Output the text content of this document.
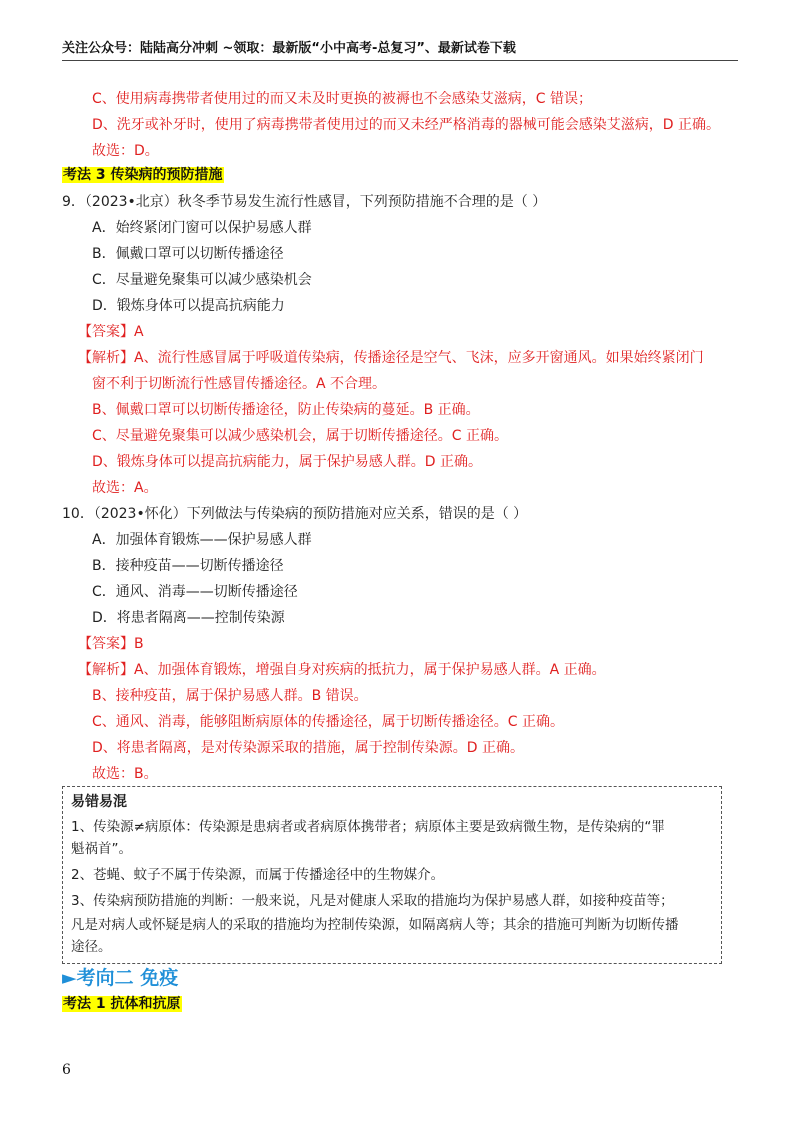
关注公众号：陆陆高分冲刺 ~领取：最新版“小中高考-总复习”、最新试卷下载
C、使用病毒携带者使用过的而又未及时更换的被褥也不会感染艾滋病，C 错误；
D、洗牙或补牙时，使用了病毒携带者使用过的而又未经严格消毒的器械可能会感染艾滋病，D 正确。
故选：D。
考法 3 传染病的预防措施
9．（2023•北京）秋冬季节易发生流行性感冒，下列预防措施不合理的是（ ）
A．始终紧闭门窗可以保护易感人群
B．佩戴口罩可以切断传播途径
C．尽量避免聚集可以减少感染机会
D．锻炼身体可以提高抗病能力
【答案】A
【解析】A、流行性感冒属于呼吸道传染病，传播途径是空气、飞沫，应多开窗通风。如果始终紧闭门
窗不利于切断流行性感冒传播途径。A 不合理。
B、佩戴口罩可以切断传播途径，防止传染病的蔓延。B 正确。
C、尽量避免聚集可以减少感染机会，属于切断传播途径。C 正确。
D、锻炼身体可以提高抗病能力，属于保护易感人群。D 正确。
故选：A。
10．（2023•怀化）下列做法与传染病的预防措施对应关系，错误的是（ ）
A．加强体育锻炼——保护易感人群
B．接种疫苗——切断传播途径
C．通风、消毒——切断传播途径
D．将患者隔离——控制传染源
【答案】B
【解析】A、加强体育锻炼，增强自身对疾病的抵抗力，属于保护易感人群。A 正确。
B、接种疫苗，属于保护易感人群。B 错误。
C、通风、消毒，能够阻断病原体的传播途径，属于切断传播途径。C 正确。
D、将患者隔离，是对传染源采取的措施，属于控制传染源。D 正确。
故选：B。
易错易混
1、传染源≠病原体：传染源是患病者或者病原体携带者；病原体主要是致病微生物，是传染病的“罪
魁祸首”。
2、苍蝇、蚊子不属于传染源，而属于传播途径中的生物媒介。
3、传染病预防措施的判断：一般来说，凡是对健康人采取的措施均为保护易感人群，如接种疫苗等；
凡是对病人或怀疑是病人的采取的措施均为控制传染源，如隔离病人等；其余的措施可判断为切断传播
途径。
►考向二 免疫
考法 1 抗体和抗原
6
